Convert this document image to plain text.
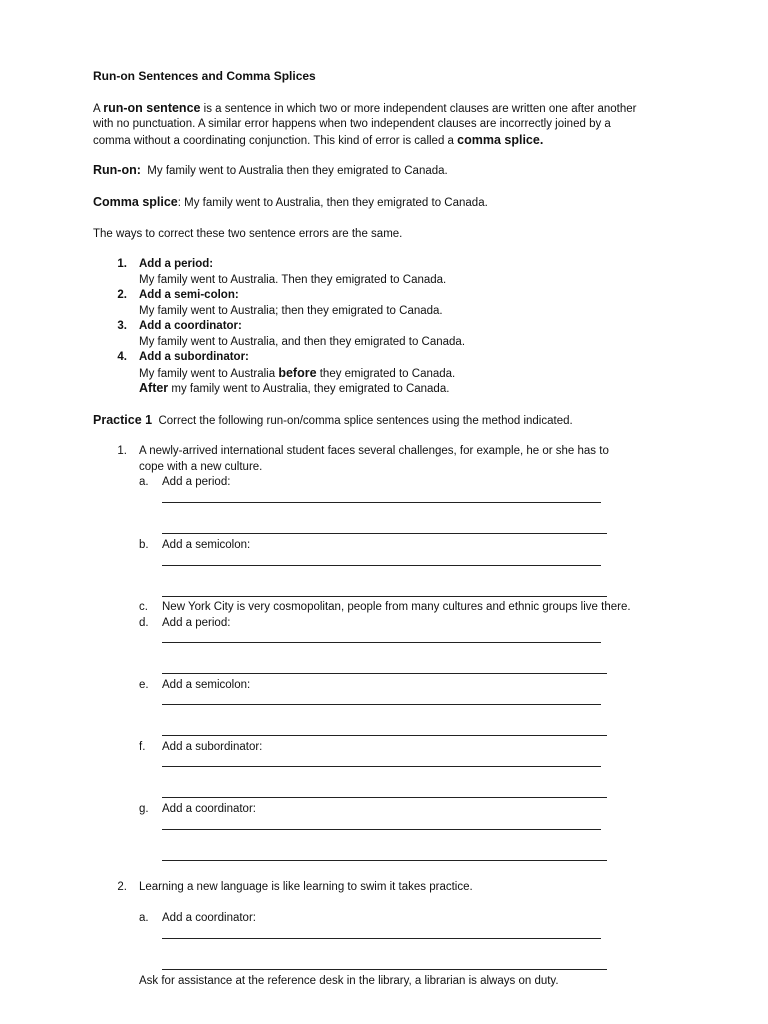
Run-on Sentences and Comma Splices
A run-on sentence is a sentence in which two or more independent clauses are written one after another
with no punctuation. A similar error happens when two independent clauses are incorrectly joined by a
comma without a coordinating conjunction. This kind of error is called a comma splice.
Run-on: My family went to Australia then they emigrated to Canada.
Comma splice: My family went to Australia, then they emigrated to Canada.
The ways to correct these two sentence errors are the same.
1. Add a period:
My family went to Australia. Then they emigrated to Canada.
2. Add a semi-colon:
My family went to Australia; then they emigrated to Canada.
3. Add a coordinator:
My family went to Australia, and then they emigrated to Canada.
4. Add a subordinator:
My family went to Australia before they emigrated to Canada.
After my family went to Australia, they emigrated to Canada.
Practice 1 Correct the following run-on/comma splice sentences using the method indicated.
1. A newly-arrived international student faces several challenges, for example, he or she has to
cope with a new culture.
a. Add a period:
b. Add a semicolon:
c. New York City is very cosmopolitan, people from many cultures and ethnic groups live there.
d. Add a period:
e. Add a semicolon:
f. Add a subordinator:
g. Add a coordinator:
2. Learning a new language is like learning to swim it takes practice.
a. Add a coordinator:
Ask for assistance at the reference desk in the library, a librarian is always on duty.
